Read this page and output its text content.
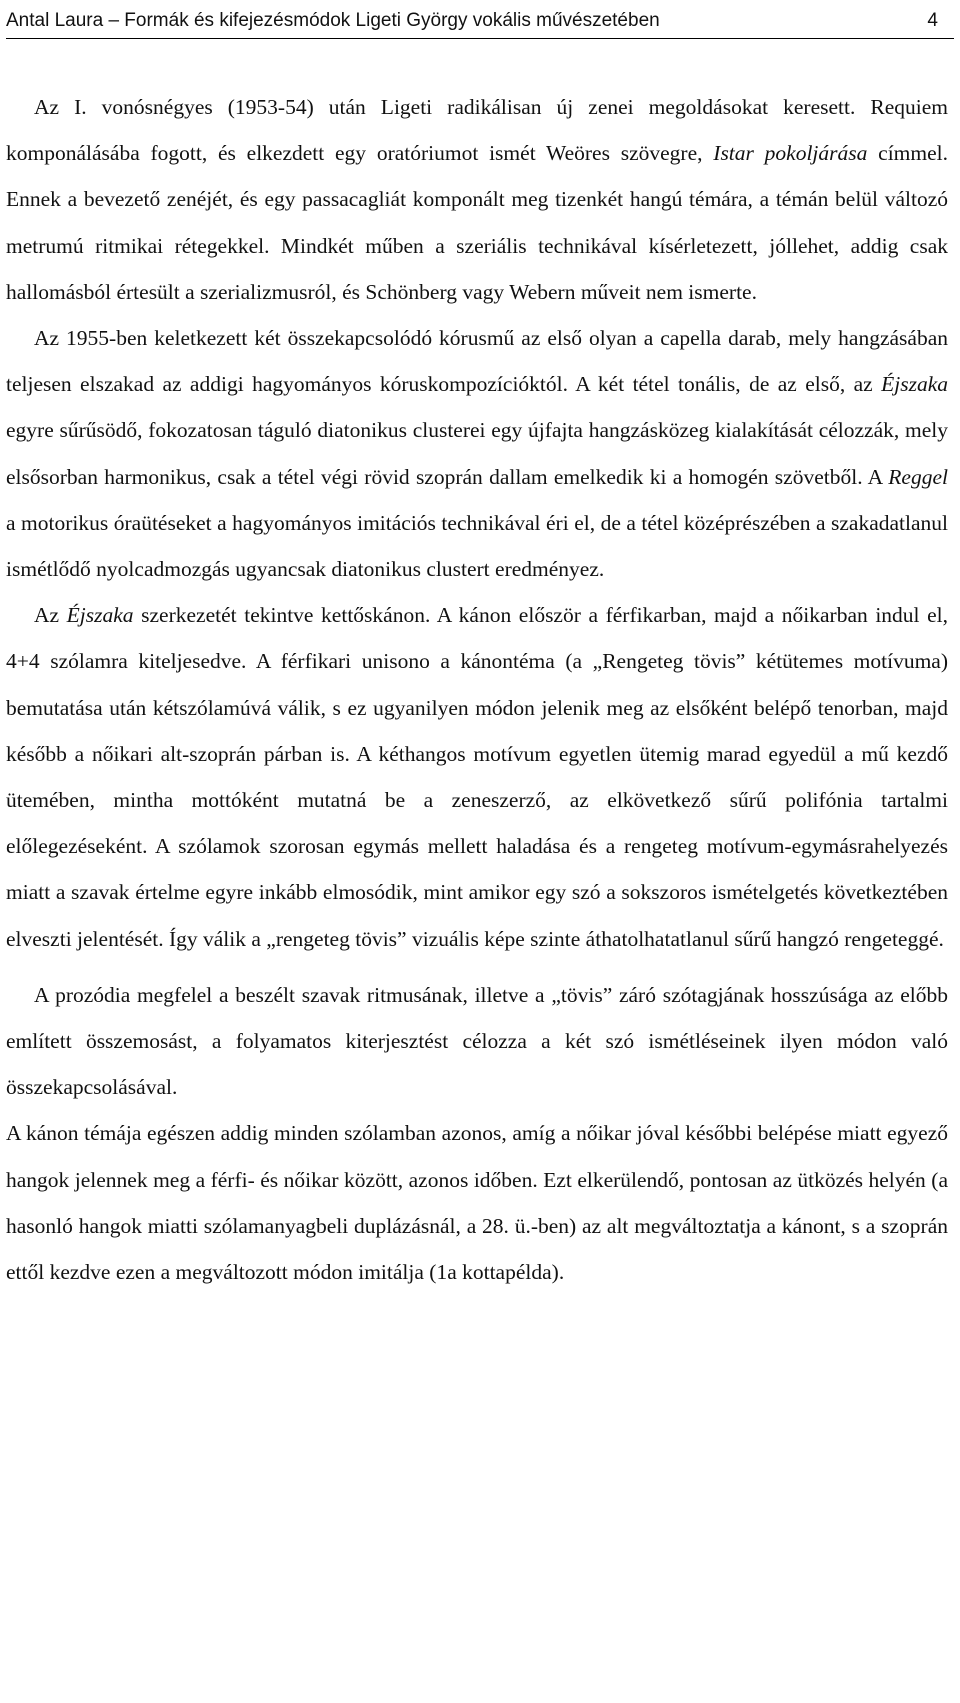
Antal Laura – Formák és kifejezésmódok Ligeti György vokális művészetében	4

Az I. vonósnégyes (1953-54) után Ligeti radikálisan új zenei megoldásokat keresett. Requiem komponálásába fogott, és elkezdett egy oratóriumot ismét Weöres szövegre, Istar pokoljárása címmel. Ennek a bevezető zenéjét, és egy passacagliát komponált meg tizenkét hangú témára, a témán belül változó metrumú ritmikai rétegekkel. Mindkét műben a szeriális technikával kísérletezett, jóllehet, addig csak hallomásból értesült a szerializmusról, és Schönberg vagy Webern műveit nem ismerte.

Az 1955-ben keletkezett két összekapcsolódó kórusmű az első olyan a capella darab, mely hangzásában teljesen elszakad az addigi hagyományos kóruskompozícióktól. A két tétel tonális, de az első, az Éjszaka egyre sűrűsödő, fokozatosan táguló diatonikus clusterei egy újfajta hangzásközeg kialakítását célozzák, mely elsősorban harmonikus, csak a tétel végi rövid szoprán dallam emelkedik ki a homogén szövetből. A Reggel a motorikus óraütéseket a hagyományos imitációs technikával éri el, de a tétel középrészében a szakadatlanul ismétlődő nyolcadmozgás ugyancsak diatonikus clustert eredményez.

Az Éjszaka szerkezetét tekintve kettőskánon. A kánon először a férfikarban, majd a nőikarban indul el, 4+4 szólamra kiteljesedve. A férfikari unisono a kánontéma (a „Rengeteg tövis” kétütemes motívuma) bemutatása után kétszólamúvá válik, s ez ugyanilyen módon jelenik meg az elsőként belépő tenorban, majd később a nőikari alt-szoprán párban is. A kéthangos motívum egyetlen ütemig marad egyedül a mű kezdő ütemében, mintha mottóként mutatná be a zeneszerző, az elkövetkező sűrű polifónia tartalmi előlegezéseként. A szólamok szorosan egymás mellett haladása és a rengeteg motívum-egymásrahelyezés miatt a szavak értelme egyre inkább elmosódik, mint amikor egy szó a sokszoros ismételgetés következtében elveszti jelentését. Így válik a „rengeteg tövis” vizuális képe szinte áthatolhatatlanul sűrű hangzó rengeteggé.

A prozódia megfelel a beszélt szavak ritmusának, illetve a „tövis” záró szótagjának hosszúsága az előbb említett összemosást, a folyamatos kiterjesztést célozza a két szó ismétléseinek ilyen módon való összekapcsolásával.

A kánon témája egészen addig minden szólamban azonos, amíg a nőikar jóval későbbi belépése miatt egyező hangok jelennek meg a férfi- és nőikar között, azonos időben. Ezt elkerülendő, pontosan az ütközés helyén (a hasonló hangok miatti szólamanyagbeli duplázásnál, a 28. ü.-ben) az alt megváltoztatja a kánont, s a szoprán ettől kezdve ezen a megváltozott módon imitálja (1a kottapélda).
